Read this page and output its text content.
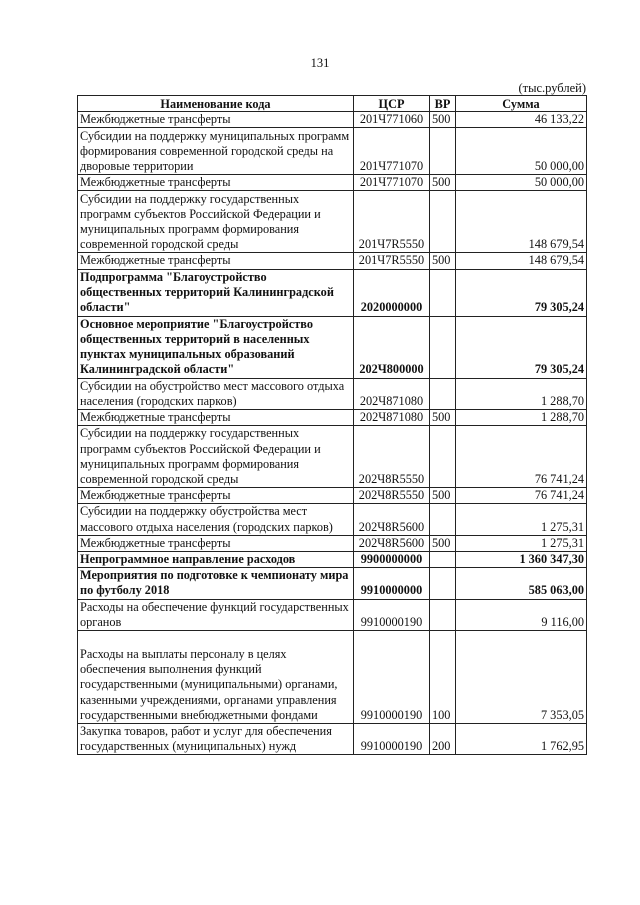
131
(тыс.рублей)
Наименование кода	ЦСР	ВР	Сумма
Межбюджетные трансферты	201Ч771060	500	46 133,22
Субсидии на поддержку муниципальных программ формирования современной городской среды на дворовые территории	201Ч771070		50 000,00
Межбюджетные трансферты	201Ч771070	500	50 000,00
Субсидии на поддержку государственных программ субъектов Российской Федерации и муниципальных программ формирования современной городской среды	201Ч7R5550		148 679,54
Межбюджетные трансферты	201Ч7R5550	500	148 679,54
Подпрограмма "Благоустройство общественных территорий Калининградской области"	2020000000		79 305,24
Основное мероприятие "Благоустройство общественных территорий в населенных пунктах муниципальных образований Калининградской области"	202Ч800000		79 305,24
Субсидии на обустройство мест массового отдыха населения (городских парков)	202Ч871080		1 288,70
Межбюджетные трансферты	202Ч871080	500	1 288,70
Субсидии на поддержку государственных программ субъектов Российской Федерации и муниципальных программ формирования современной городской среды	202Ч8R5550		76 741,24
Межбюджетные трансферты	202Ч8R5550	500	76 741,24
Субсидии на поддержку обустройства мест массового отдыха населения (городских парков)	202Ч8R5600		1 275,31
Межбюджетные трансферты	202Ч8R5600	500	1 275,31
Непрограммное направление расходов	9900000000		1 360 347,30
Мероприятия по подготовке к чемпионату мира по футболу 2018	9910000000		585 063,00
Расходы на обеспечение функций государственных органов	9910000190		9 116,00
Расходы на выплаты персоналу в целях обеспечения выполнения функций государственными (муниципальными) органами, казенными учреждениями, органами управления государственными внебюджетными фондами	9910000190	100	7 353,05
Закупка товаров, работ и услуг для обеспечения государственных (муниципальных) нужд	9910000190	200	1 762,95
